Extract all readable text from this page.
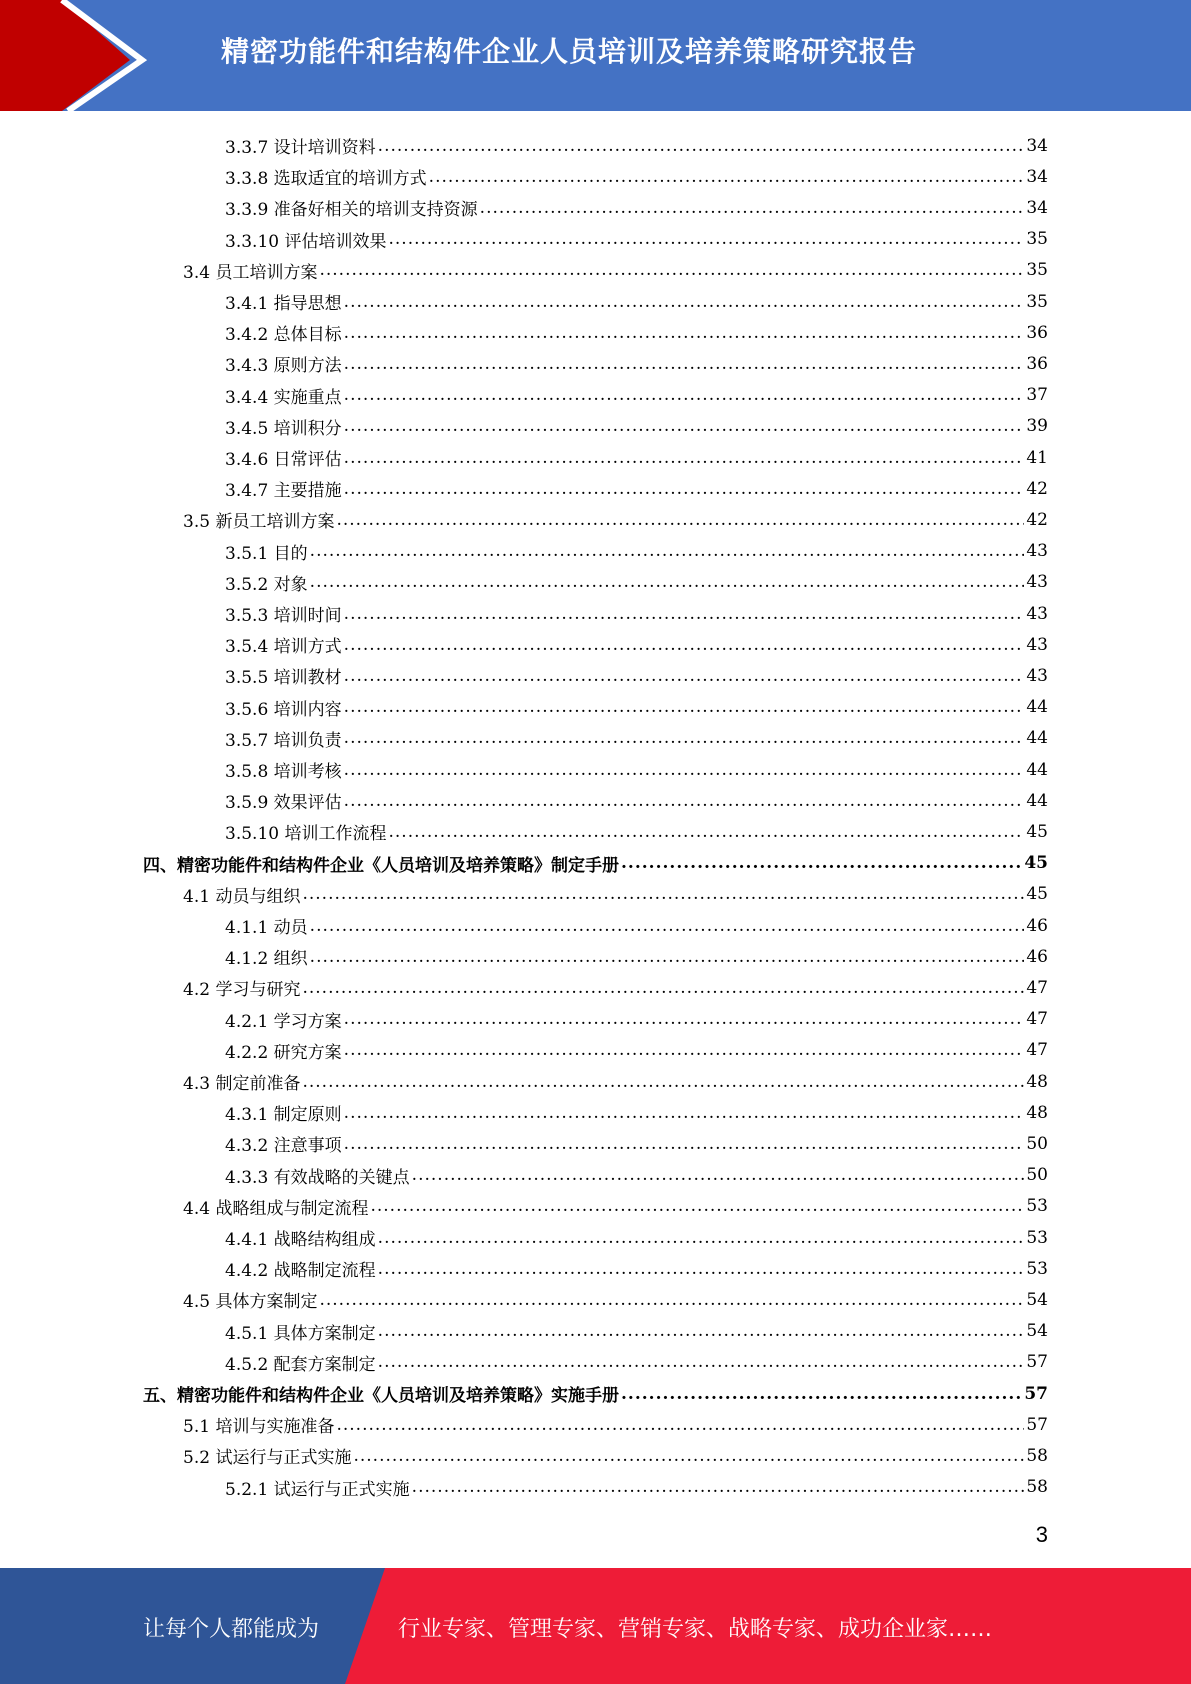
精密功能件和结构件企业人员培训及培养策略研究报告
3.3.7 设计培训资料 .....	34
3.3.8 选取适宜的培训方式 .....	34
3.3.9 准备好相关的培训支持资源 .....	34
3.3.10 评估培训效果 .....	35
3.4 员工培训方案 .....	35
3.4.1 指导思想 .....	35
3.4.2 总体目标 .....	36
3.4.3 原则方法 .....	36
3.4.4 实施重点 .....	37
3.4.5 培训积分 .....	39
3.4.6 日常评估 .....	41
3.4.7 主要措施 .....	42
3.5 新员工培训方案 .....	42
3.5.1 目的 .....	43
3.5.2 对象 .....	43
3.5.3 培训时间 .....	43
3.5.4 培训方式 .....	43
3.5.5 培训教材 .....	43
3.5.6 培训内容 .....	44
3.5.7 培训负责 .....	44
3.5.8 培训考核 .....	44
3.5.9 效果评估 .....	44
3.5.10 培训工作流程 .....	45
四、精密功能件和结构件企业《人员培训及培养策略》制定手册 .....	45
4.1 动员与组织 .....	45
4.1.1 动员 .....	46
4.1.2 组织 .....	46
4.2 学习与研究 .....	47
4.2.1 学习方案 .....	47
4.2.2 研究方案 .....	47
4.3 制定前准备 .....	48
4.3.1 制定原则 .....	48
4.3.2 注意事项 .....	50
4.3.3 有效战略的关键点 .....	50
4.4 战略组成与制定流程 .....	53
4.4.1 战略结构组成 .....	53
4.4.2 战略制定流程 .....	53
4.5 具体方案制定 .....	54
4.5.1 具体方案制定 .....	54
4.5.2 配套方案制定 .....	57
五、精密功能件和结构件企业《人员培训及培养策略》实施手册 .....	57
5.1 培训与实施准备 .....	57
5.2 试运行与正式实施 .....	58
5.2.1 试运行与正式实施 .....	58
3
让每个人都能成为	行业专家、管理专家、营销专家、战略专家、成功企业家……
